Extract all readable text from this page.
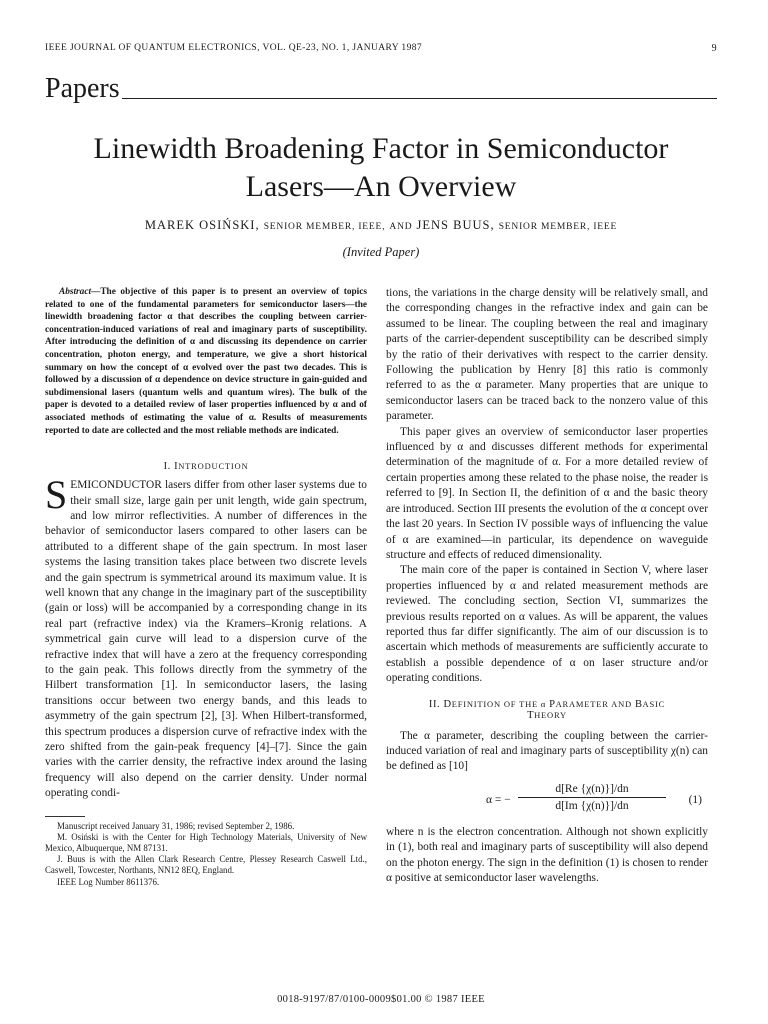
IEEE JOURNAL OF QUANTUM ELECTRONICS, VOL. QE-23, NO. 1, JANUARY 1987	9
Papers
Linewidth Broadening Factor in Semiconductor
Lasers—An Overview
MAREK OSIŃSKI, SENIOR MEMBER, IEEE, AND JENS BUUS, SENIOR MEMBER, IEEE
(Invited Paper)

Abstract—The objective of this paper is to present an overview of topics related to one of the fundamental parameters for semiconductor lasers—the linewidth broadening factor α that describes the coupling between carrier-concentration-induced variations of real and imaginary parts of susceptibility. After introducing the definition of α and discussing its dependence on carrier concentration, photon energy, and temperature, we give a short historical summary on how the concept of α evolved over the past two decades. This is followed by a discussion of α dependence on device structure in gain-guided and subdimensional lasers (quantum wells and quantum wires). The bulk of the paper is devoted to a detailed review of laser properties influenced by α and of associated methods of estimating the value of α. Results of measurements reported to date are collected and the most reliable methods are indicated.

I. INTRODUCTION

SEMICONDUCTOR lasers differ from other laser systems due to their small size, large gain per unit length, wide gain spectrum, and low mirror reflectivities. A number of differences in the behavior of semiconductor lasers compared to other lasers can be attributed to a different shape of the gain spectrum. In most laser systems the lasing transition takes place between two discrete levels and the gain spectrum is symmetrical around its maximum value. It is well known that any change in the imaginary part of the susceptibility (gain or loss) will be accompanied by a corresponding change in its real part (refractive index) via the Kramers–Kronig relations. A symmetrical gain curve will lead to a dispersion curve of the refractive index that will have a zero at the frequency corresponding to the gain peak. This follows directly from the symmetry of the Hilbert transformation [1]. In semiconductor lasers, the lasing transitions occur between two energy bands, and this leads to asymmetry of the gain spectrum [2], [3]. When Hilbert-transformed, this spectrum produces a dispersion curve of refractive index with the zero shifted from the gain-peak frequency [4]–[7]. Since the gain varies with the carrier density, the refractive index around the lasing frequency will also depend on the carrier density. Under normal operating condi-

Manuscript received January 31, 1986; revised September 2, 1986.

M. Osiński is with the Center for High Technology Materials, University of New Mexico, Albuquerque, NM 87131.

J. Buus is with the Allen Clark Research Centre, Plessey Research Caswell Ltd., Caswell, Towcester, Northants, NN12 8EQ, England.

IEEE Log Number 8611376.

tions, the variations in the charge density will be relatively small, and the corresponding changes in the refractive index and gain can be assumed to be linear. The coupling between the real and imaginary parts of the carrier-dependent susceptibility can be described simply by the ratio of their derivatives with respect to the carrier density. Following the publication by Henry [8] this ratio is commonly referred to as the α parameter. Many properties that are unique to semiconductor lasers can be traced back to the nonzero value of this parameter.

This paper gives an overview of semiconductor laser properties influenced by α and discusses different methods for experimental determination of the magnitude of α. For a more detailed review of certain properties among these related to the phase noise, the reader is referred to [9]. In Section II, the definition of α and the basic theory are introduced. Section III presents the evolution of the α concept over the last 20 years. In Section IV possible ways of influencing the value of α are examined—in particular, its dependence on waveguide structure and effects of reduced dimensionality.

The main core of the paper is contained in Section V, where laser properties influenced by α and related measurement methods are reviewed. The concluding section, Section VI, summarizes the previous results reported on α values. As will be apparent, the values reported thus far differ significantly. The aim of our discussion is to ascertain which methods of measurements are sufficiently accurate to establish a possible dependence of α on laser structure and/or operating conditions.

II. DEFINITION OF THE α PARAMETER AND BASIC
THEORY

The α parameter, describing the coupling between the carrier-induced variation of real and imaginary parts of susceptibility χ(n) can be defined as [10]

α = − $\frac{d[Re \{\chi(n)\}]/dn}{d[Im \{\chi(n)\}]/dn} (1)$

where n is the electron concentration. Although not shown explicitly in (1), both real and imaginary parts of susceptibility will also depend on the photon energy. The sign in the definition (1) is chosen to render α positive at semiconductor laser wavelengths.

0018-9197/87/0100-0009$01.00 © 1987 IEEE
